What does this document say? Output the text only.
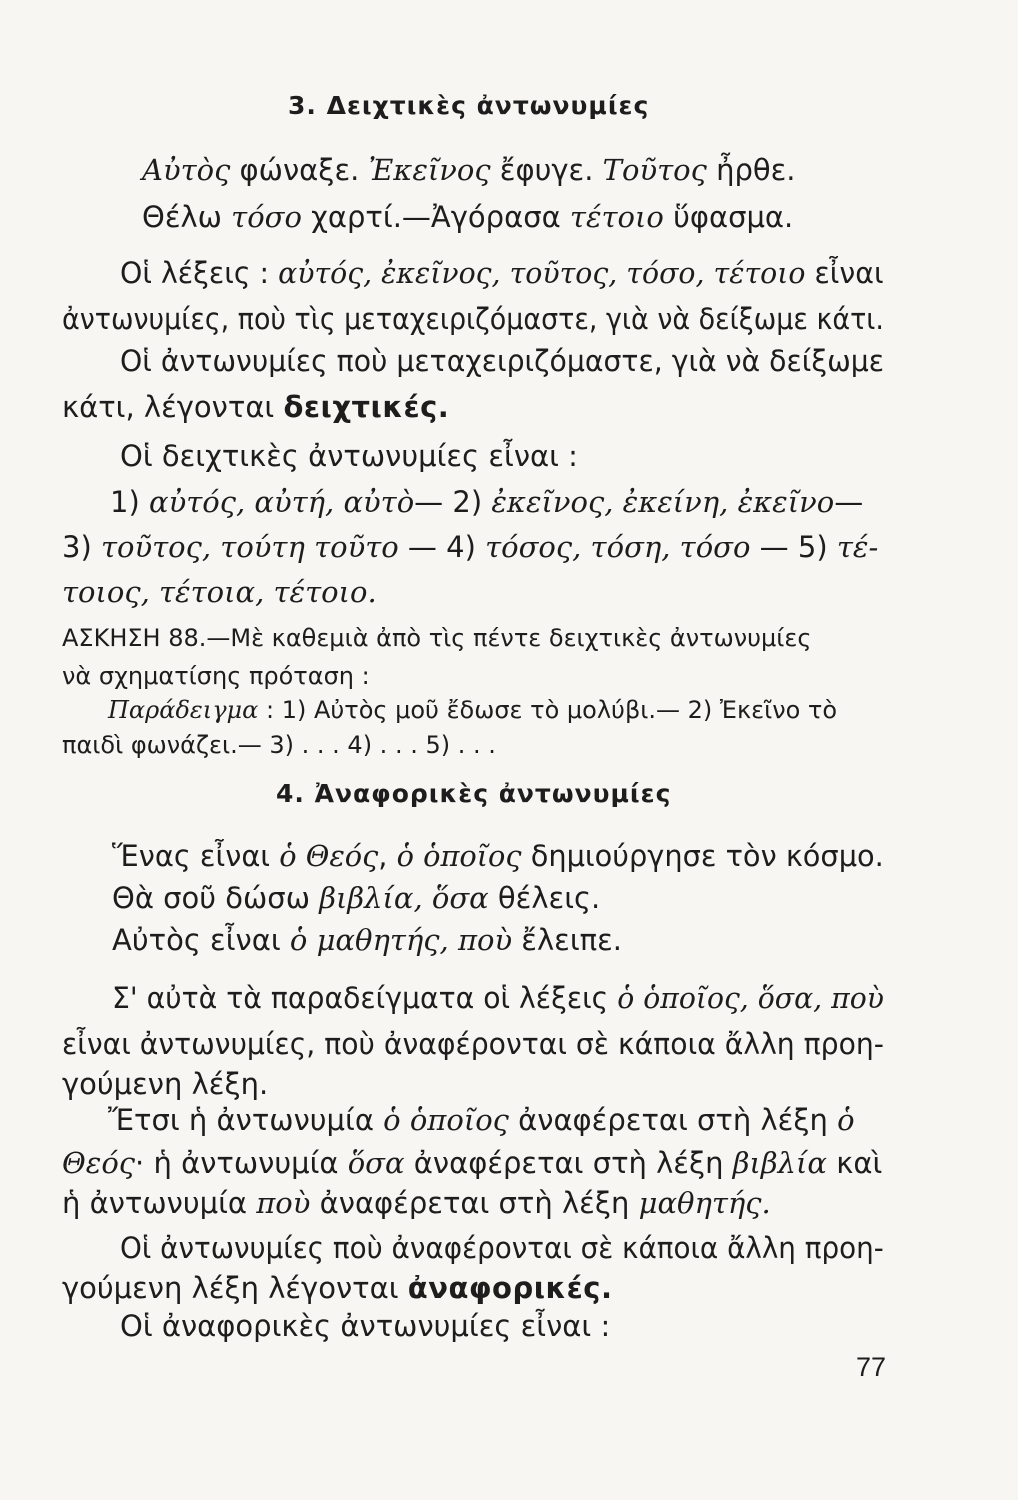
3. Δειχτικὲς ἀντωνυμίες
Αὐτὸς φώναξε. Ἐκεῖνος ἔφυγε. Τοῦτος ἦρθε.
Θέλω τόσο χαρτί.—Ἀγόρασα τέτοιο ὕφασμα.
Οἱ λέξεις : αὐτός, ἐκεῖνος, τοῦτος, τόσο, τέτοιο εἶναι
ἀντωνυμίες, ποὺ τὶς μεταχειριζόμαστε, γιὰ νὰ δείξωμε κάτι.
Οἱ ἀντωνυμίες ποὺ μεταχειριζόμαστε, γιὰ νὰ δείξωμε
κάτι, λέγονται δειχτικές.
Οἱ δειχτικὲς ἀντωνυμίες εἶναι :
1) αὐτός, αὐτή, αὐτὸ— 2) ἐκεῖνος, ἐκείνη, ἐκεῖνο—
3) τοῦτος, τούτη τοῦτο — 4) τόσος, τόση, τόσο — 5) τέ-
τοιος, τέτοια, τέτοιο.
ΑΣΚΗΣΗ 88.—Μὲ καθεμιὰ ἀπὸ τὶς πέντε δειχτικὲς ἀντωνυμίες
νὰ σχηματίσης πρόταση :
Παράδειγμα : 1) Αὐτὸς μοῦ ἔδωσε τὸ μολύβι.— 2) Ἐκεῖνο τὸ
παιδὶ φωνάζει.— 3) . . . 4) . . . 5) . . .
4. Ἀναφορικὲς ἀντωνυμίες
Ἕνας εἶναι ὁ Θεός, ὁ ὁποῖος δημιούργησε τὸν κόσμο.
Θὰ σοῦ δώσω βιβλία, ὅσα θέλεις.
Αὐτὸς εἶναι ὁ μαθητής, ποὺ ἔλειπε.
Σ' αὐτὰ τὰ παραδείγματα οἱ λέξεις ὁ ὁποῖος, ὅσα, ποὺ
εἶναι ἀντωνυμίες, ποὺ ἀναφέρονται σὲ κάποια ἄλλη προη-
γούμενη λέξη.
Ἔτσι ἡ ἀντωνυμία ὁ ὁποῖος ἀναφέρεται στὴ λέξη ὁ
Θεός· ἡ ἀντωνυμία ὅσα ἀναφέρεται στὴ λέξη βιβλία καὶ
ἡ ἀντωνυμία ποὺ ἀναφέρεται στὴ λέξη μαθητής.
Οἱ ἀντωνυμίες ποὺ ἀναφέρονται σὲ κάποια ἄλλη προη-
γούμενη λέξη λέγονται ἀναφορικές.
Οἱ ἀναφορικὲς ἀντωνυμίες εἶναι :
77
